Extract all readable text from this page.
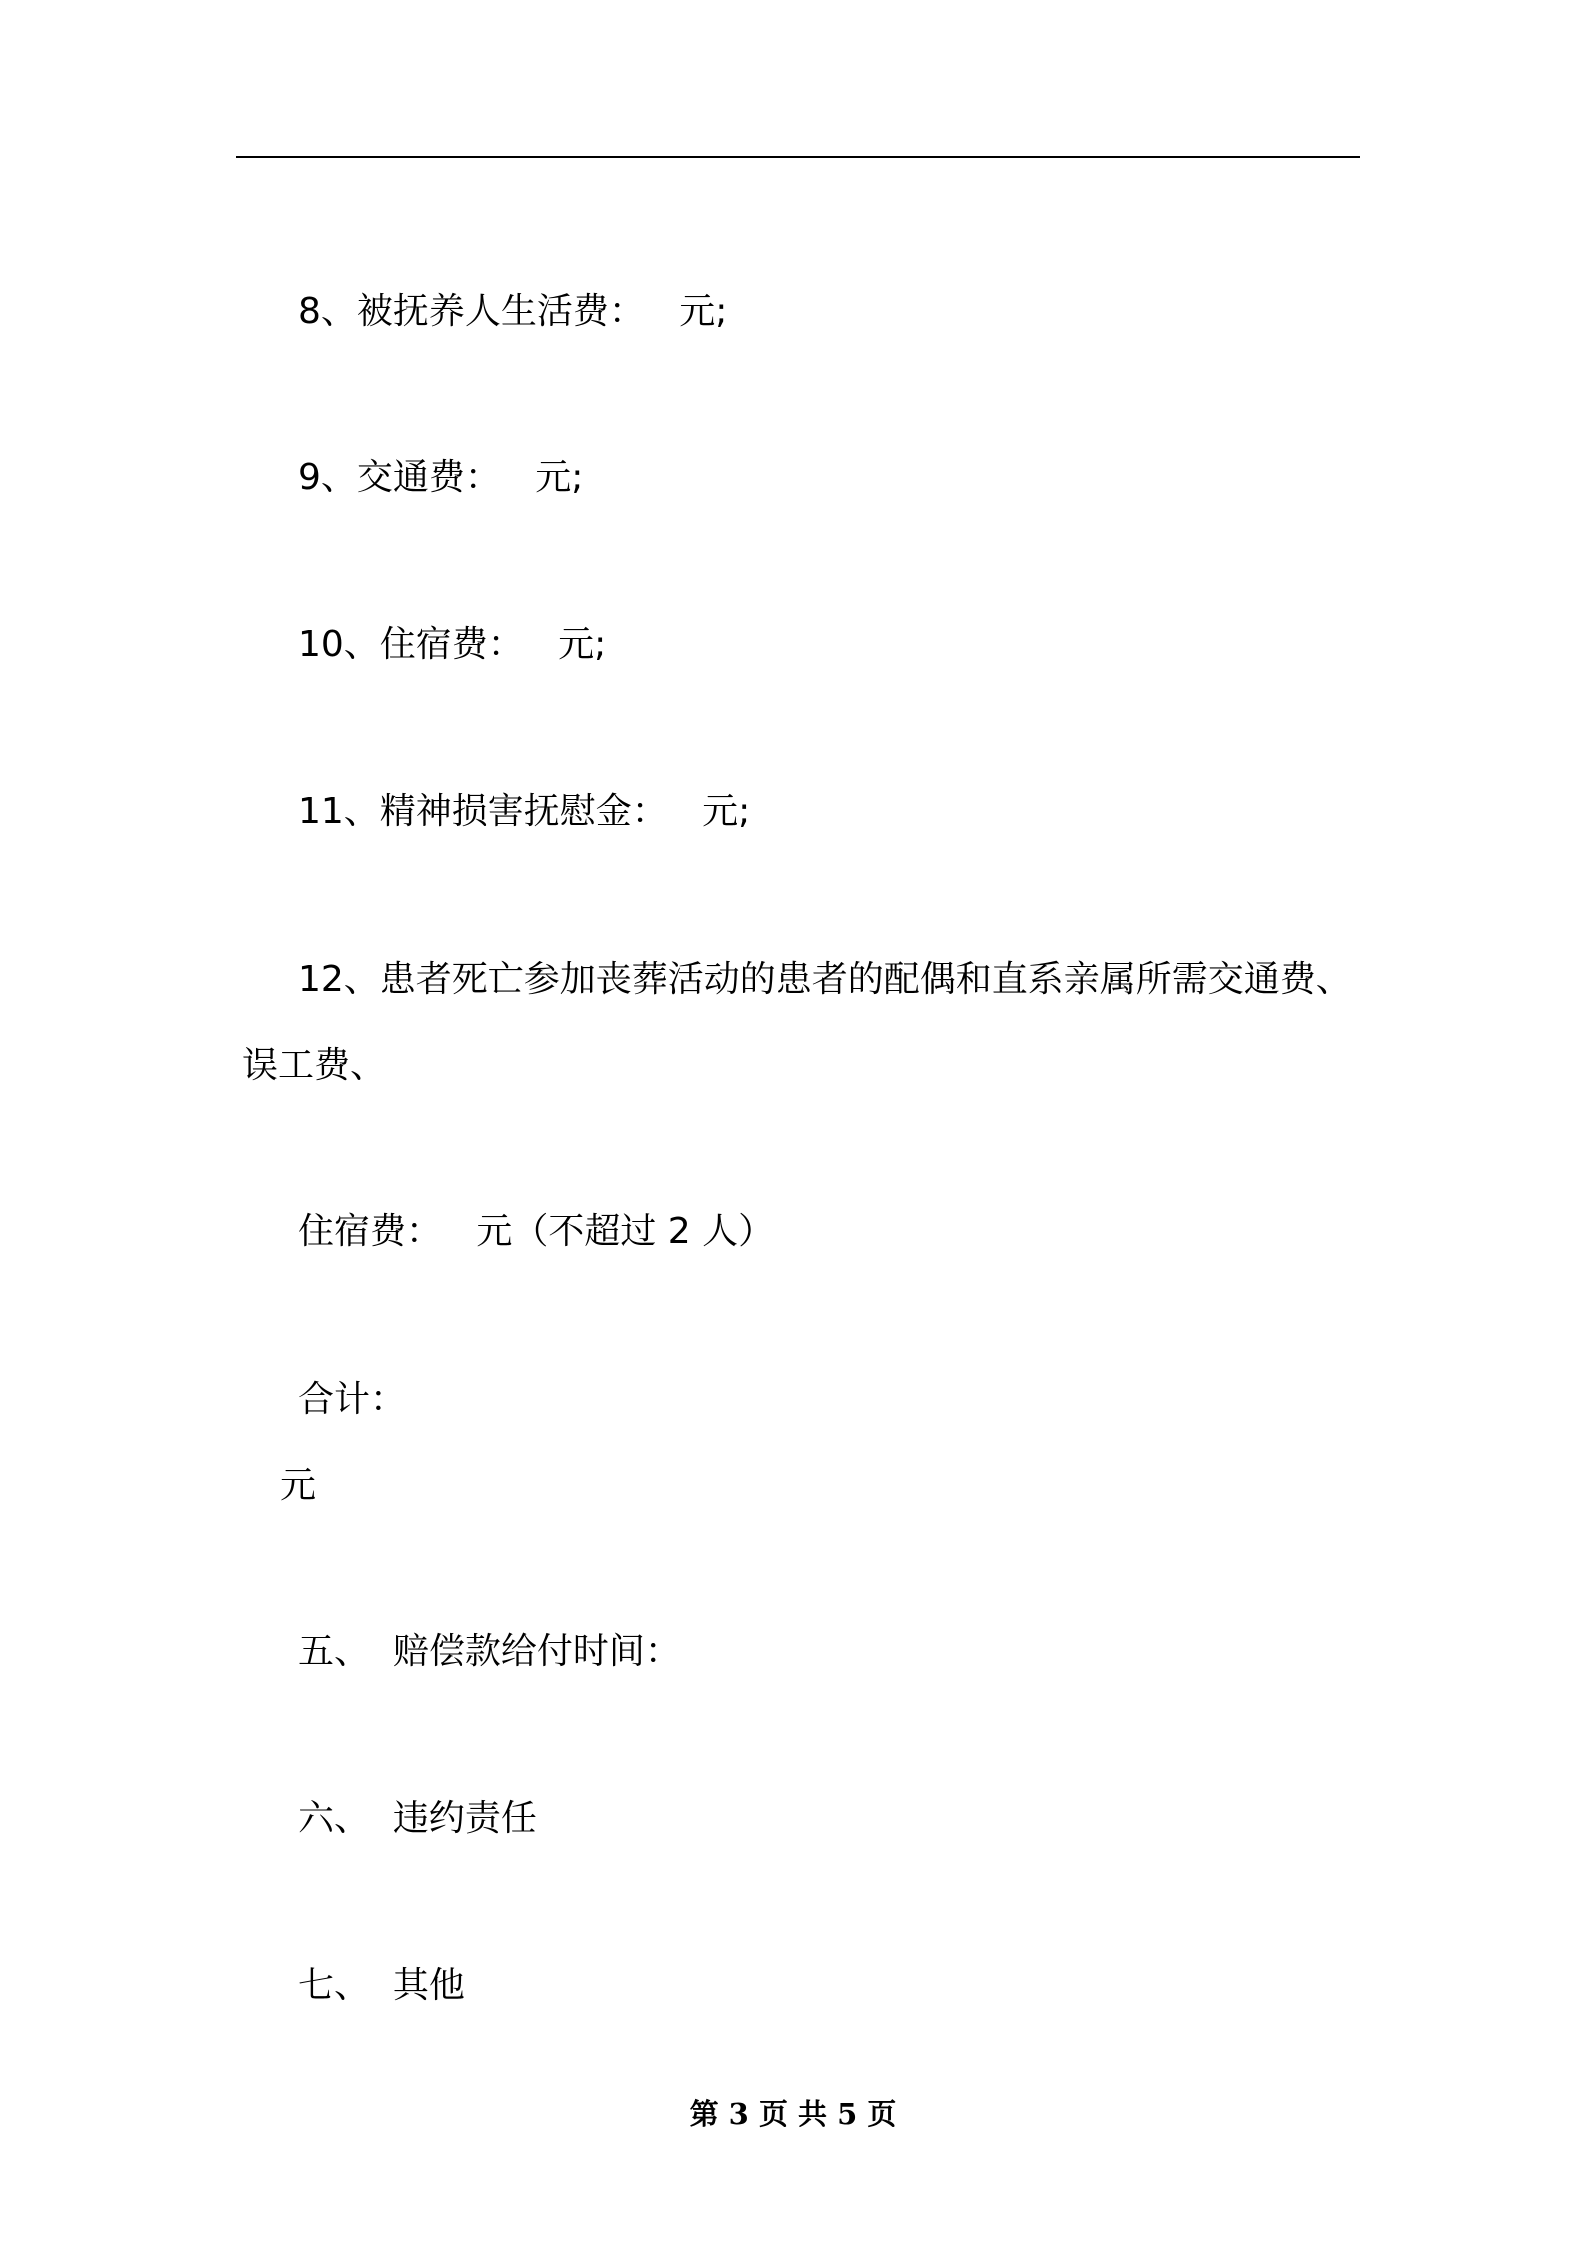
8、被抚养人生活费：   元;
9、交通费：   元;
10、住宿费：   元;
11、精神损害抚慰金：   元;
12、患者死亡参加丧葬活动的患者的配偶和直系亲属所需交通费、
误工费、
住宿费：   元（不超过 2 人）
合计：
元
五、  赔偿款给付时间：
六、  违约责任
七、  其他
第 3 页 共 5 页
